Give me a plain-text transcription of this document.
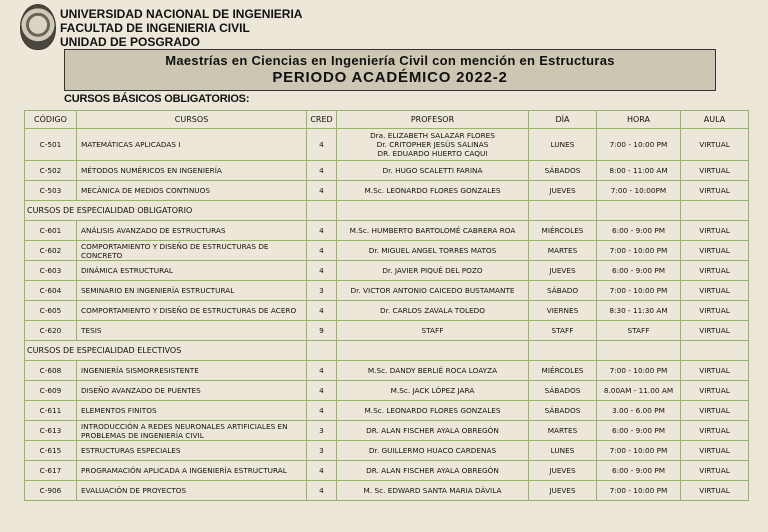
UNIVERSIDAD NACIONAL DE INGENIERIA
FACULTAD DE INGENIERIA CIVIL
UNIDAD DE POSGRADO
Maestrías en Ciencias en Ingeniería Civil con mención en Estructuras
PERIODO ACADÉMICO 2022-2
CURSOS BÁSICOS OBLIGATORIOS:
CÓDIGO	CURSOS	CRED	PROFESOR	DÍA	HORA	AULA
C-501	MATEMÁTICAS APLICADAS I	4	Dra. ELIZABETH SALAZAR FLORES
Dr. CRITOPHER JESÚS SALINAS
DR. EDUARDO HUERTO CAQUI	LUNES	7:00 - 10:00 PM	VIRTUAL
C-502	MÉTODOS NUMÉRICOS EN INGENIERÍA	4	Dr. HUGO SCALETTI FARINA	SÁBADOS	8:00 - 11:00 AM	VIRTUAL
C-503	MECÁNICA DE MEDIOS CONTINUOS	4	M.Sc. LEONARDO FLORES GONZALES	JUEVES	7:00 - 10:00PM	VIRTUAL
CURSOS DE ESPECIALIDAD OBLIGATORIO						
C-601	ANÁLISIS AVANZADO DE ESTRUCTURAS	4	M.Sc. HUMBERTO BARTOLOMÉ CABRERA ROA	MIÉRCOLES	6:00 - 9:00 PM	VIRTUAL
C-602	COMPORTAMIENTO Y DISEÑO DE ESTRUCTURAS DE CONCRETO	4	Dr. MIGUEL ANGEL TORRES MATOS	MARTES	7:00 - 10:00 PM	VIRTUAL
C-603	DINÁMICA ESTRUCTURAL	4	Dr. JAVIER PIQUÉ DEL POZO	JUEVES	6:00 - 9:00 PM	VIRTUAL
C-604	SEMINARIO EN INGENIERÍA ESTRUCTURAL	3	Dr. VICTOR ANTONIO CAICEDO BUSTAMANTE	SÁBADO	7:00 - 10:00 PM	VIRTUAL
C-605	COMPORTAMIENTO Y DISEÑO DE ESTRUCTURAS DE ACERO	4	Dr. CARLOS ZAVALA TOLEDO	VIERNES	8:30 - 11:30 AM	VIRTUAL
C-620	TESIS	9	STAFF	STAFF	STAFF	VIRTUAL
CURSOS DE ESPECIALIDAD ELECTIVOS						
C-608	INGENIERÍA SISMORRESISTENTE	4	M.Sc. DANDY BERLIÉ ROCA LOAYZA	MIÉRCOLES	7:00 - 10:00 PM	VIRTUAL
C-609	DISEÑO AVANZADO DE PUENTES	4	M.Sc. JACK LÓPEZ JARA	SÁBADOS	8.00AM - 11.00 AM	VIRTUAL
C-611	ELEMENTOS FINITOS	4	M.Sc. LEONARDO FLORES GONZALES	SÁBADOS	3.00 - 6.00 PM	VIRTUAL
C-613	INTRODUCCIÓN A REDES NEURONALES ARTIFICIALES EN PROBLEMAS DE INGENIERÍA CIVIL	3	DR. ALAN FISCHER AYALA OBREGÓN	MARTES	6:00 - 9:00 PM	VIRTUAL
C-615	ESTRUCTURAS ESPECIALES	3	Dr. GUILLERMO HUACO CARDENAS	LUNES	7:00 - 10:00 PM	VIRTUAL
C-617	PROGRAMACIÓN APLICADA A INGENIERÍA ESTRUCTURAL	4	DR. ALAN FISCHER AYALA OBREGÓN	JUEVES	6:00 - 9:00 PM	VIRTUAL
C-906	EVALUACIÓN DE PROYECTOS	4	M. Sc. EDWARD SANTA MARIA DÁVILA	JUEVES	7:00 - 10:00 PM	VIRTUAL
